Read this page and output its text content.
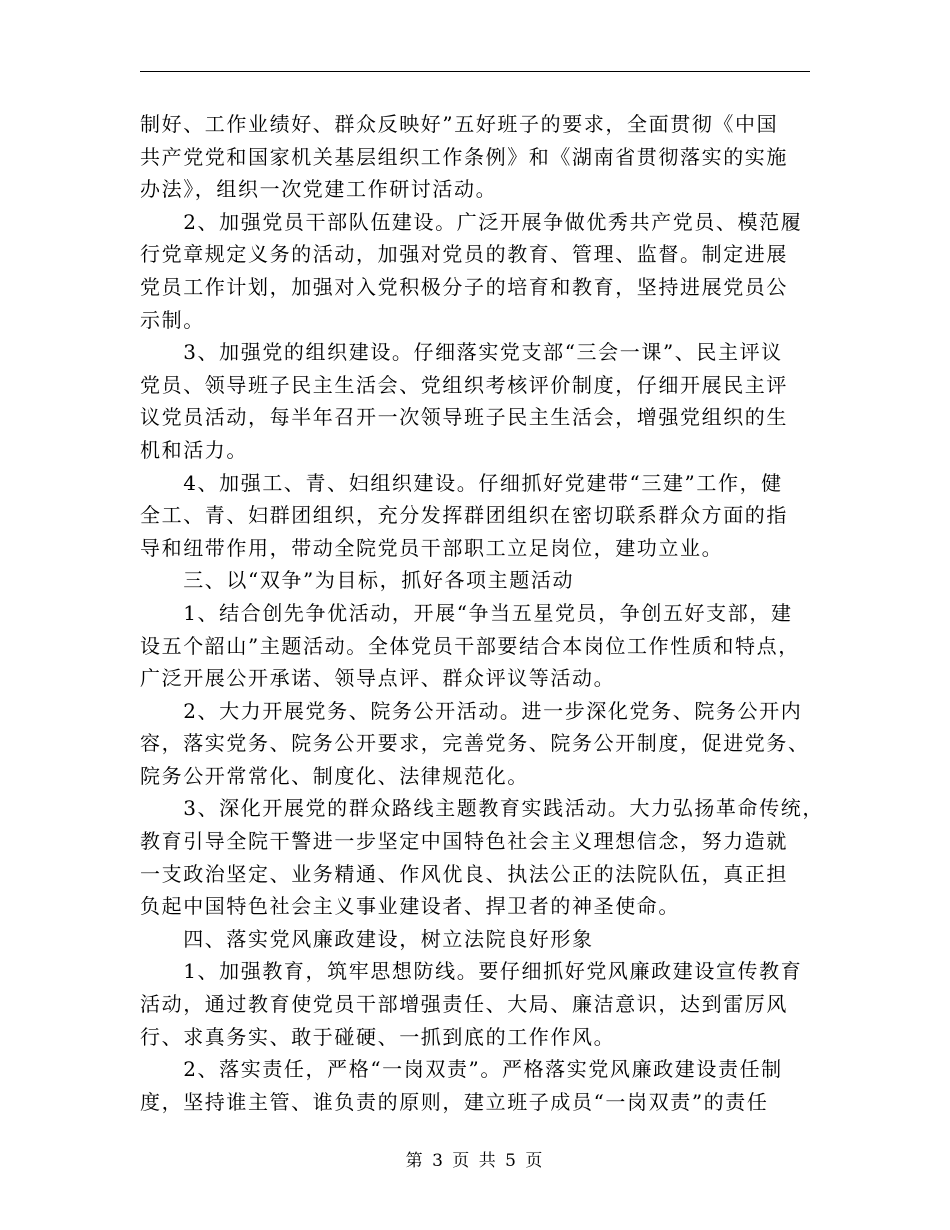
制好、工作业绩好、群众反映好”五好班子的要求，全面贯彻《中国
共产党党和国家机关基层组织工作条例》和《湖南省贯彻落实的实施
办法》，组织一次党建工作研讨活动。
　　2、加强党员干部队伍建设。广泛开展争做优秀共产党员、模范履
行党章规定义务的活动，加强对党员的教育、管理、监督。制定进展
党员工作计划，加强对入党积极分子的培育和教育，坚持进展党员公
示制。
　　3、加强党的组织建设。仔细落实党支部“三会一课”、民主评议
党员、领导班子民主生活会、党组织考核评价制度，仔细开展民主评
议党员活动，每半年召开一次领导班子民主生活会，增强党组织的生
机和活力。
　　4、加强工、青、妇组织建设。仔细抓好党建带“三建”工作，健
全工、青、妇群团组织，充分发挥群团组织在密切联系群众方面的指
导和纽带作用，带动全院党员干部职工立足岗位，建功立业。
　　三、以“双争”为目标，抓好各项主题活动
　　1、结合创先争优活动，开展“争当五星党员，争创五好支部，建
设五个韶山”主题活动。全体党员干部要结合本岗位工作性质和特点，
广泛开展公开承诺、领导点评、群众评议等活动。
　　2、大力开展党务、院务公开活动。进一步深化党务、院务公开内
容，落实党务、院务公开要求，完善党务、院务公开制度，促进党务、
院务公开常常化、制度化、法律规范化。
　　3、深化开展党的群众路线主题教育实践活动。大力弘扬革命传统，
教育引导全院干警进一步坚定中国特色社会主义理想信念，努力造就
一支政治坚定、业务精通、作风优良、执法公正的法院队伍，真正担
负起中国特色社会主义事业建设者、捍卫者的神圣使命。
　　四、落实党风廉政建设，树立法院良好形象
　　1、加强教育，筑牢思想防线。要仔细抓好党风廉政建设宣传教育
活动，通过教育使党员干部增强责任、大局、廉洁意识，达到雷厉风
行、求真务实、敢于碰硬、一抓到底的工作作风。
　　2、落实责任，严格“一岗双责”。严格落实党风廉政建设责任制
度，坚持谁主管、谁负责的原则，建立班子成员“一岗双责”的责任
第 3 页 共 5 页
